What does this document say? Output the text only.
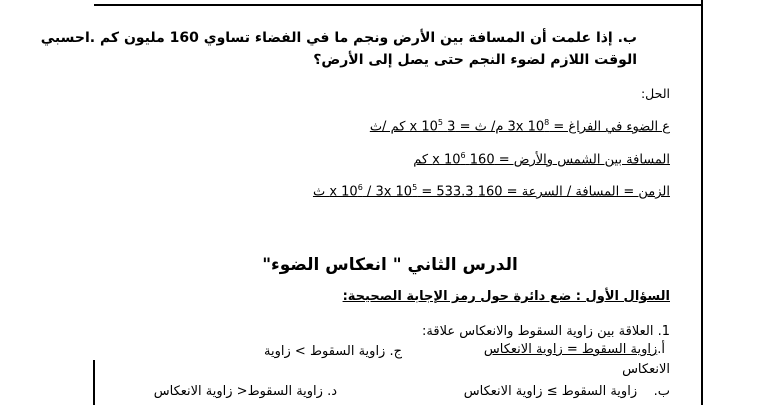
ب. إذا علمت أن المسافة بين الأرض ونجم ما في الفضاء تساوي 160 مليون كم .احسبي
الوقت اللازم لضوء النجم حتى يصل إلى الأرض؟
الحل:
ع الضوء في الفراغ = 3x $10^8$ م/ ث = 3 x $10^5$ كم /ث
المسافة بين الشمس والأرض = 160 x $10^6$ كم
الزمن = المسافة / السرعة = 160 x $10^6 / 3x$ $10^5 = 533.3$ ث
الدرس الثاني " انعكاس الضوء"
السؤال الأول : ضع دائرة حول رمز الإجابة الصحيحة:
1. العلاقة بين زاوية السقوط والانعكاس علاقة:
أ.زاوية السقوط = زاوية الانعكاس
ج. زاوية السقوط > زاوية
الانعكاس
ب.    زاوية السقوط ≥ زاوية الانعكاس
د. زاوية السقوط< زاوية الانعكاس
